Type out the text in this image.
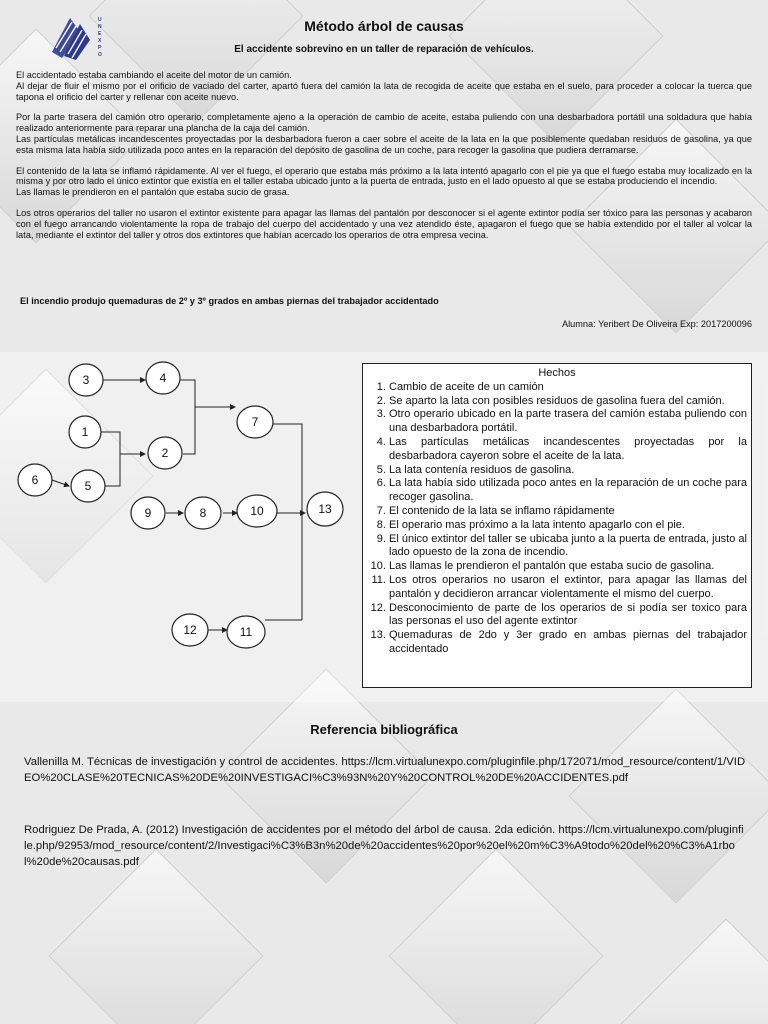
U
N
E
X
P
O
Método árbol de causas
El accidente sobrevino en un taller de reparación de vehículos.

El accidentado estaba cambiando el aceite del motor de un camión.
Al dejar de fluir el mismo por el orificio de vaciado del carter, apartó fuera del camión la lata de recogida de aceite que estaba en el suelo, para proceder a colocar la tuerca que tapona el orificio del carter y rellenar con aceite nuevo.

Por la parte trasera del camión otro operario, completamente ajeno a la operación de cambio de aceite, estaba puliendo con una desbarbadora portátil una soldadura que había realizado anteriormente para reparar una plancha de la caja del camión.
Las partículas metálicas incandescentes proyectadas por la desbarbadora fueron a caer sobre el aceite de la lata en la que posiblemente quedaban residuos de gasolina, ya que esta misma lata había sido utilizada poco antes en la reparación del depósito de gasolina de un coche, para recoger la gasolina que pudiera derramarse.

El contenido de la lata se inflamó rápidamente. Al ver el fuego, el operario que estaba más próximo a la lata intentó apagarlo con el pie ya que el fuego estaba muy localizado en la misma y por otro lado el único extintor que existía en el taller estaba ubicado junto a la puerta de entrada, justo en el lado opuesto al que se estaba produciendo el incendio.
Las llamas le prendieron en el pantalón que estaba sucio de grasa.

Los otros operarios del taller no usaron el extintor existente para apagar las llamas del pantalón por desconocer si el agente extintor podía ser tóxico para las personas y acabaron con el fuego arrancando violentamente la ropa de trabajo del cuerpo del accidentado y una vez atendido éste, apagaron el fuego que se había extendido por el taller al volcar la lata, mediante el extintor del taller y otros dos extintores que habían acercado los operarios de otra empresa vecina.

El incendio produjo quemaduras de 2º y 3º grados en ambas piernas del trabajador accidentado
Alumna: Yeribert De Oliveira Exp: 2017200096
3	4
1
2
7
6	5
9	8	10	13
12	11
Hechos
1. Cambio de aceite de un camión
2. Se aparto la lata con posibles residuos de gasolina fuera del camión.
3. Otro operario ubicado en la parte trasera del camión estaba puliendo con una desbarbadora portátil.
4. Las partículas metálicas incandescentes proyectadas por la desbarbadora cayeron sobre el aceite de la lata.
5. La lata contenía residuos de gasolina.
6. La lata había sido utilizada poco antes en la reparación de un coche para recoger gasolina.
7. El contenido de la lata se inflamo rápidamente
8. El operario mas próximo a la lata intento apagarlo con el pie.
9. El único extintor del taller se ubicaba junto a la puerta de entrada, justo al lado opuesto de la zona de incendio.
10. Las llamas le prendieron el pantalón que estaba sucio de gasolina.
11. Los otros operarios no usaron el extintor, para apagar las llamas del pantalón y decidieron arrancar violentamente el mismo del cuerpo.
12. Desconocimiento de parte de los operarios de si podía ser toxico para las personas el uso del agente extintor
13. Quemaduras de 2do y 3er grado en ambas piernas del trabajador accidentado
Referencia bibliográfica
Vallenilla M. Técnicas de investigación y control de accidentes. https://lcm.virtualunexpo.com/pluginfile.php/172071/mod_resource/content/1/VIDEO%20CLASE%20TECNICAS%20DE%20INVESTIGACI%C3%93N%20Y%20CONTROL%20DE%20ACCIDENTES.pdf
Rodriguez De Prada, A. (2012) Investigación de accidentes por el método del árbol de causa. 2da edición. https://lcm.virtualunexpo.com/pluginfile.php/92953/mod_resource/content/2/Investigaci%C3%B3n%20de%20accidentes%20por%20el%20m%C3%A9todo%20del%20%C3%A1rbol%20de%20causas.pdf
